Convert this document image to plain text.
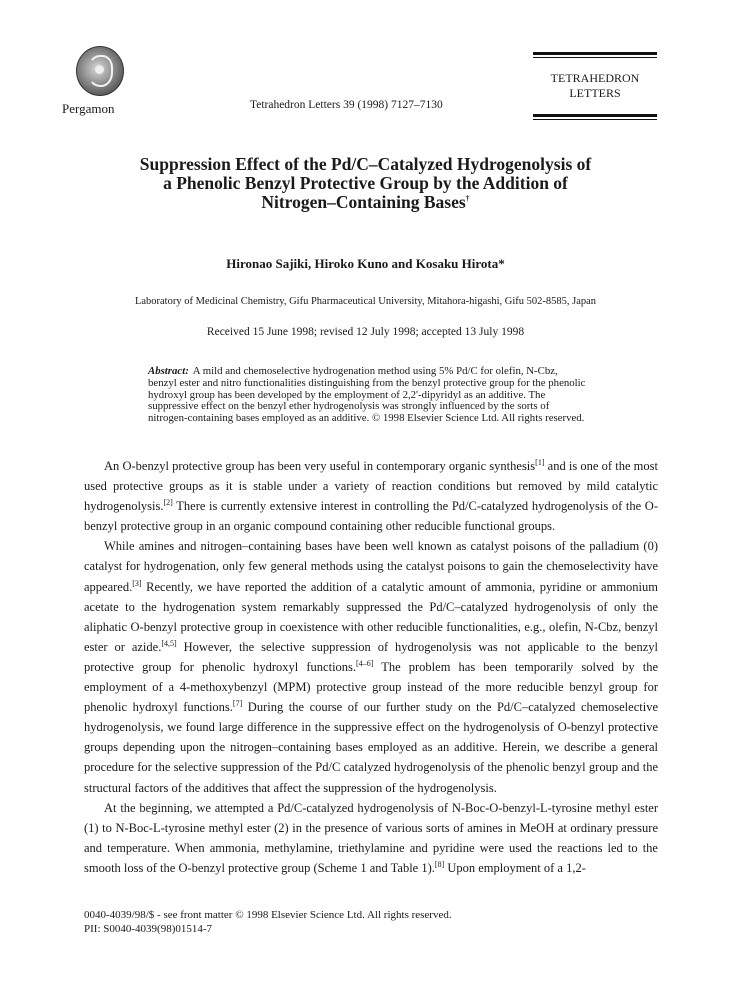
Pergamon	Tetrahedron Letters 39 (1998) 7127–7130
TETRAHEDRON
LETTERS
Suppression Effect of the Pd/C–Catalyzed Hydrogenolysis of
a Phenolic Benzyl Protective Group by the Addition of
Nitrogen–Containing Bases†
Hironao Sajiki, Hiroko Kuno and Kosaku Hirota*
Laboratory of Medicinal Chemistry, Gifu Pharmaceutical University, Mitahora-higashi, Gifu 502-8585, Japan
Received 15 June 1998; revised 12 July 1998; accepted 13 July 1998
Abstract: A mild and chemoselective hydrogenation method using 5% Pd/C for olefin, N-Cbz, benzyl ester and nitro functionalities distinguishing from the benzyl protective group for the phenolic hydroxyl group has been developed by the employment of 2,2'-dipyridyl as an additive. The suppressive effect on the benzyl ether hydrogenolysis was strongly influenced by the sorts of nitrogen-containing bases employed as an additive. © 1998 Elsevier Science Ltd. All rights reserved.

An O-benzyl protective group has been very useful in contemporary organic synthesis[1] and is one of the most used protective groups as it is stable under a variety of reaction conditions but removed by mild catalytic hydrogenolysis.[2] There is currently extensive interest in controlling the Pd/C-catalyzed hydrogenolysis of the O-benzyl protective group in an organic compound containing other reducible functional groups.

While amines and nitrogen–containing bases have been well known as catalyst poisons of the palladium (0) catalyst for hydrogenation, only few general methods using the catalyst poisons to gain the chemoselectivity have appeared.[3] Recently, we have reported the addition of a catalytic amount of ammonia, pyridine or ammonium acetate to the hydrogenation system remarkably suppressed the Pd/C–catalyzed hydrogenolysis of only the aliphatic O-benzyl protective group in coexistence with other reducible functionalities, e.g., olefin, N-Cbz, benzyl ester or azide.[4,5] However, the selective suppression of hydrogenolysis was not applicable to the benzyl protective group for phenolic hydroxyl functions.[4–6] The problem has been temporarily solved by the employment of a 4-methoxybenzyl (MPM) protective group instead of the more reducible benzyl group for phenolic hydroxyl functions.[7] During the course of our further study on the Pd/C–catalyzed chemoselective hydrogenolysis, we found large difference in the suppressive effect on the hydrogenolysis of O-benzyl protective groups depending upon the nitrogen–containing bases employed as an additive. Herein, we describe a general procedure for the selective suppression of the Pd/C catalyzed hydrogenolysis of the phenolic benzyl group and the structural factors of the additives that affect the suppression of the hydrogenolysis.

At the beginning, we attempted a Pd/C-catalyzed hydrogenolysis of N-Boc-O-benzyl-L-tyrosine methyl ester (1) to N-Boc-L-tyrosine methyl ester (2) in the presence of various sorts of amines in MeOH at ordinary pressure and temperature. When ammonia, methylamine, triethylamine and pyridine were used the reactions led to the smooth loss of the O-benzyl protective group (Scheme 1 and Table 1).[8] Upon employment of a 1,2-

0040-4039/98/$ - see front matter © 1998 Elsevier Science Ltd. All rights reserved.
PII: S0040-4039(98)01514-7
